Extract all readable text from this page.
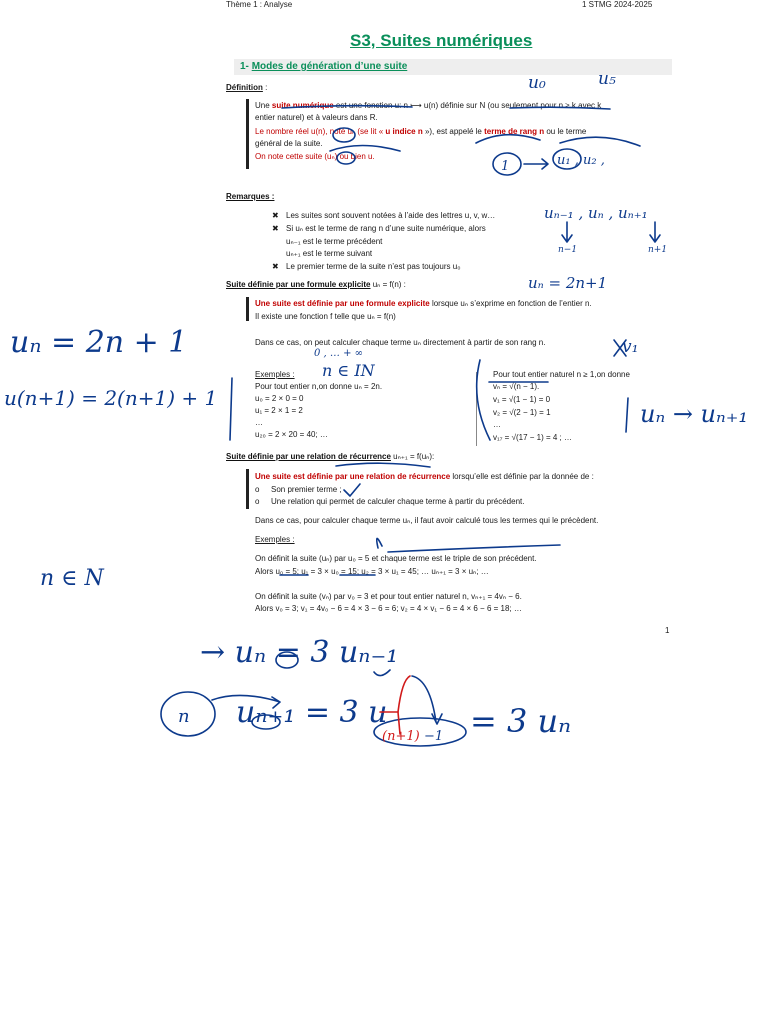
Thème 1 : Analyse	1 STMG 2024-2025
S3, Suites numériques
1- Modes de génération d’une suite
Définition :
Une suite numérique est une fonction u: n ⟼ u(n) définie sur N (ou seulement pour n ≥ k avec k
entier naturel) et à valeurs dans R.
Le nombre réel u(n), noté uₙ (se lit « u indice n »), est appelé le terme de rang n ou le terme
général de la suite.
On note cette suite (uₙ) ou bien u.
Remarques :
✖ Les suites sont souvent notées à l’aide des lettres u, v, w…
✖ Si uₙ est le terme de rang n d’une suite numérique, alors
uₙ₋₁ est le terme précédent
uₙ₊₁ est le terme suivant
✖ Le premier terme de la suite n’est pas toujours u₀
Suite définie par une formule explicite uₙ = f(n) :
Une suite est définie par une formule explicite lorsque uₙ s’exprime en fonction de l’entier n.
Il existe une fonction f telle que uₙ = f(n)
Dans ce cas, on peut calculer chaque terme uₙ directement à partir de son rang n.
Exemples :
Pour tout entier n,on donne uₙ = 2n.
u₀ = 2 × 0 = 0
u₁ = 2 × 1 = 2
…
u₂₀ = 2 × 20 = 40; …
Pour tout entier naturel n ≥ 1,on donne
vₙ = √(n − 1).
v₁ = √(1 − 1) = 0
v₂ = √(2 − 1) = 1
…
v₁₇ = √(17 − 1) = 4 ; …
Suite définie par une relation de récurrence uₙ₊₁ = f(uₙ):
Une suite est définie par une relation de récurrence lorsqu’elle est définie par la donnée de :
o Son premier terme ;
o Une relation qui permet de calculer chaque terme à partir du précédent.
Dans ce cas, pour calculer chaque terme uₙ, il faut avoir calculé tous les termes qui le précèdent.
Exemples :
On définit la suite (uₙ) par u₀ = 5 et chaque terme est le triple de son précédent.
Alors u₀ = 5; u₁ = 3 × u₀ = 15; u₂ = 3 × u₁ = 45; … uₙ₊₁ = 3 × uₙ; …
On définit la suite (vₙ) par v₀ = 3 et pour tout entier naturel n, vₙ₊₁ = 4vₙ − 6.
Alors v₀ = 3; v₁ = 4v₀ − 6 = 4 × 3 − 6 = 6; v₂ = 4 × v₁ − 6 = 4 × 6 − 6 = 18; …
1
u₀	u₅
1	u₁ , u₂ ,
uₙ₋₁ , uₙ , uₙ₊₁
n−1	n+1
uₙ = 2n+1
uₙ = 2n + 1
u(n+1) = 2(n+1) + 1
n ∈ N
0 , … + ∞
n ∈ IN
v₁
uₙ → uₙ₊₁
→ uₙ = 3 uₙ₋₁
n uₙ₊₁ = 3 u
(n+1) −1 = 3 uₙ
